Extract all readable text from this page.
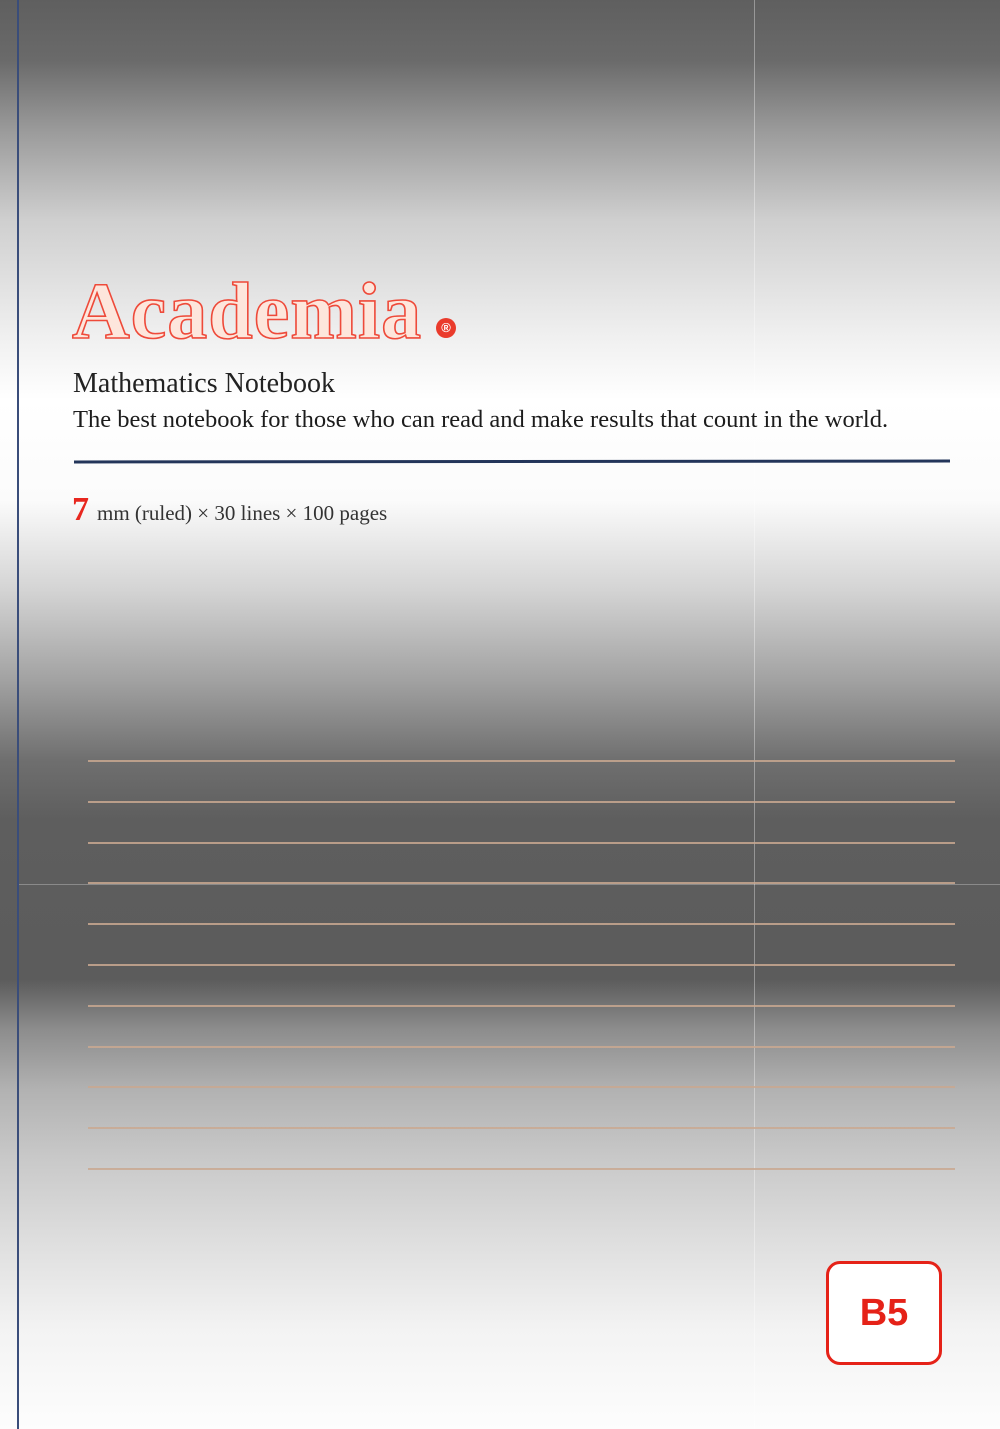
Academia	®
Mathematics Notebook
The best notebook for those who can read and make results that count in the world.
7 mm (ruled) × 30 lines × 100 pages
B5
